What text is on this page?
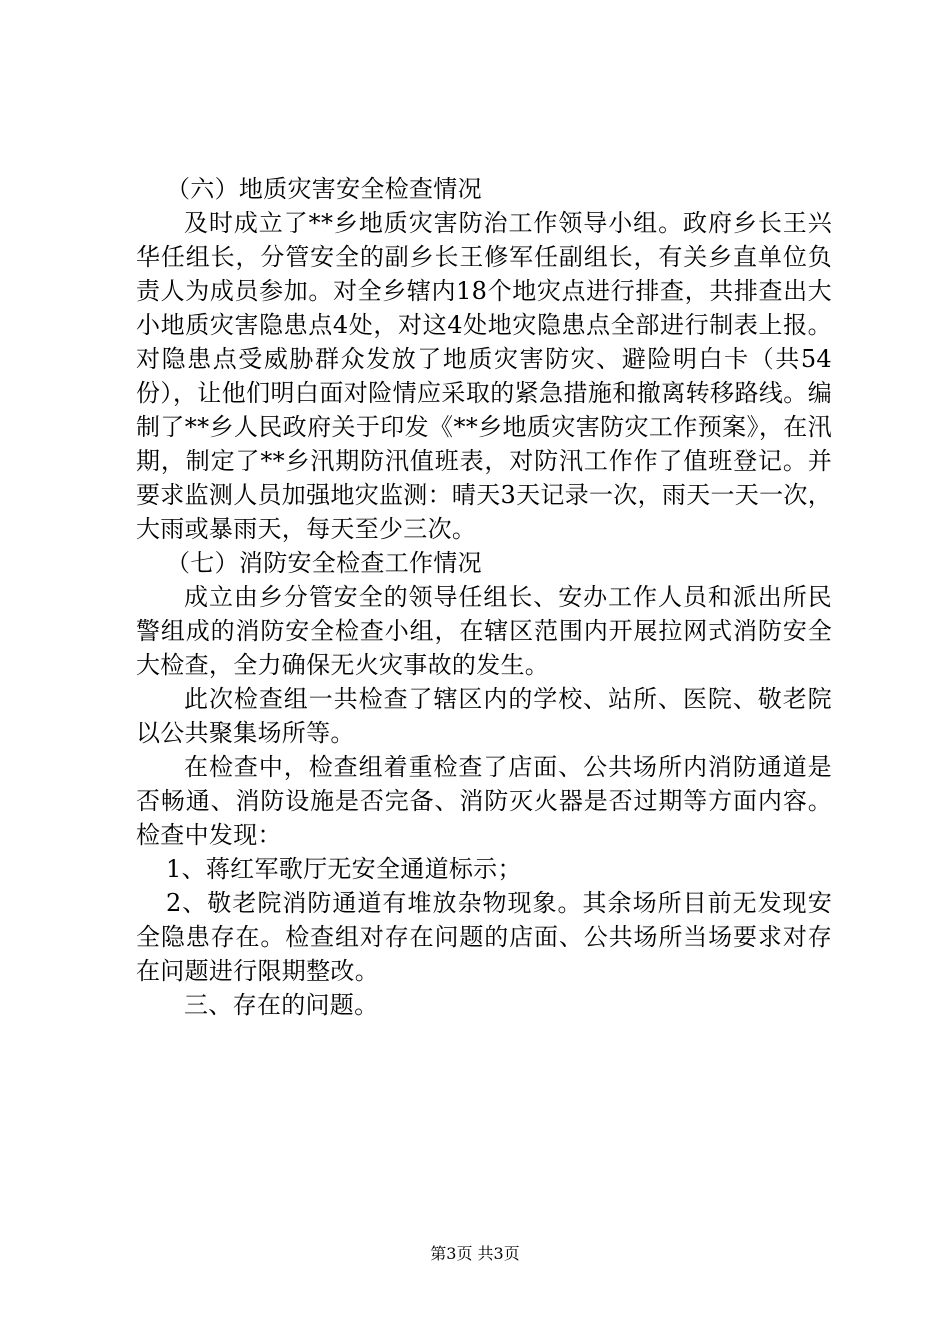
（六）地质灾害安全检查情况

及时成立了**乡地质灾害防治工作领导小组。政府乡长王兴华任组长，分管安全的副乡长王修军任副组长，有关乡直单位负责人为成员参加。对全乡辖内18个地灾点进行排查，共排查出大小地质灾害隐患点4处，对这4处地灾隐患点全部进行制表上报。对隐患点受威胁群众发放了地质灾害防灾、避险明白卡（共54份），让他们明白面对险情应采取的紧急措施和撤离转移路线。编制了**乡人民政府关于印发《**乡地质灾害防灾工作预案》，在汛期，制定了**乡汛期防汛值班表，对防汛工作作了值班登记。并要求监测人员加强地灾监测：晴天3天记录一次，雨天一天一次，大雨或暴雨天，每天至少三次。

（七）消防安全检查工作情况

成立由乡分管安全的领导任组长、安办工作人员和派出所民警组成的消防安全检查小组，在辖区范围内开展拉网式消防安全大检查，全力确保无火灾事故的发生。

此次检查组一共检查了辖区内的学校、站所、医院、敬老院以公共聚集场所等。

在检查中，检查组着重检查了店面、公共场所内消防通道是否畅通、消防设施是否完备、消防灭火器是否过期等方面内容。检查中发现：

1、蒋红军歌厅无安全通道标示；

2、敬老院消防通道有堆放杂物现象。其余场所目前无发现安全隐患存在。检查组对存在问题的店面、公共场所当场要求对存在问题进行限期整改。

三、存在的问题。

第3页 共3页
